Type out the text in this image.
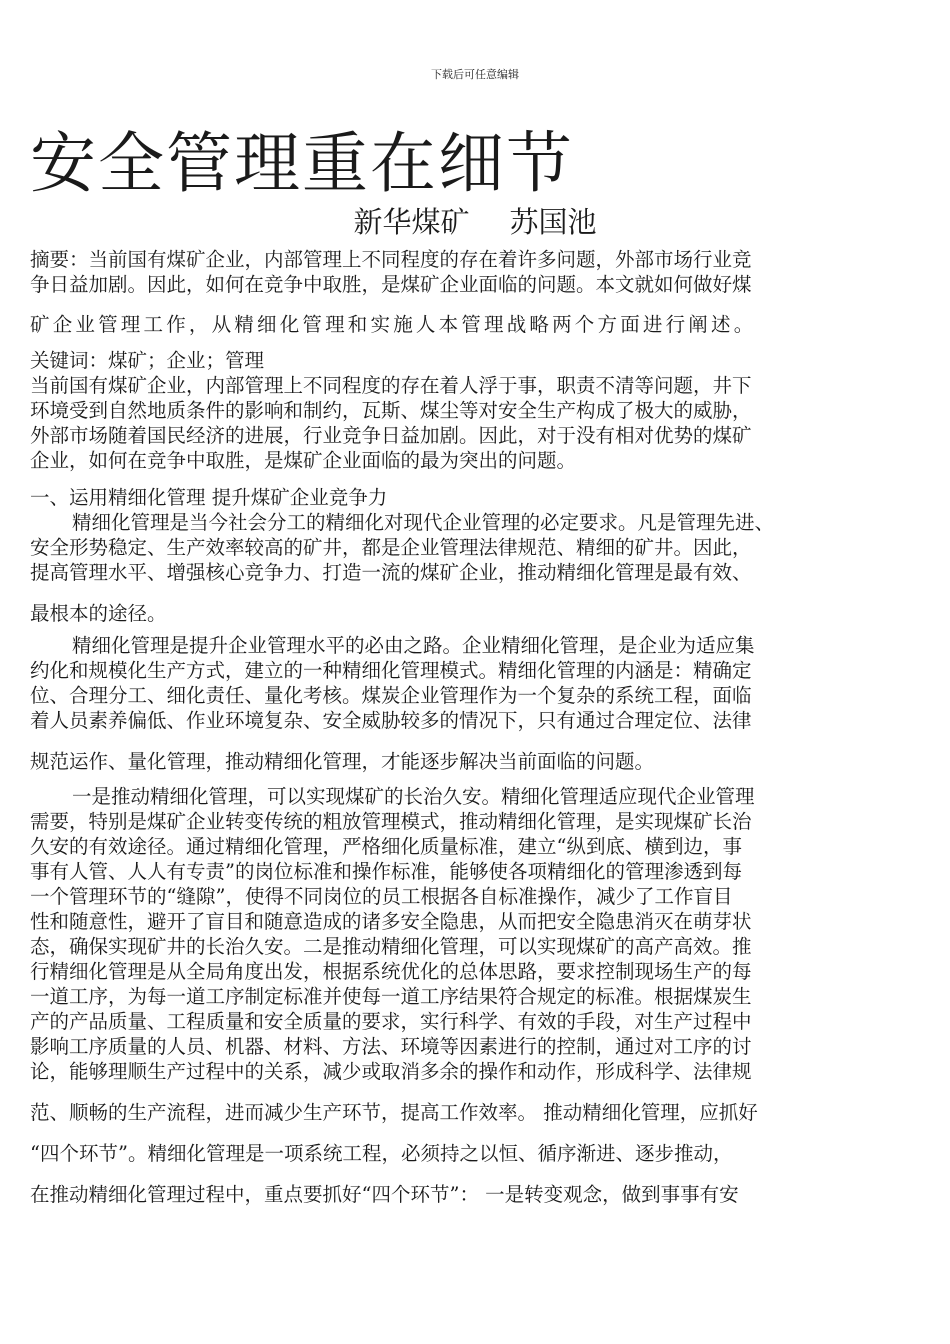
下载后可任意编辑
安全管理重在细节
新华煤矿 苏国池
摘要：当前国有煤矿企业，内部管理上不同程度的存在着许多问题，外部市场行业竞
争日益加剧。因此，如何在竞争中取胜，是煤矿企业面临的问题。本文就如何做好煤
矿企业管理工作，从精细化管理和实施人本管理战略两个方面进行阐述。
关键词：煤矿；企业；管理
当前国有煤矿企业，内部管理上不同程度的存在着人浮于事，职责不清等问题，井下
环境受到自然地质条件的影响和制约，瓦斯、煤尘等对安全生产构成了极大的威胁，
外部市场随着国民经济的进展，行业竞争日益加剧。因此，对于没有相对优势的煤矿
企业，如何在竞争中取胜，是煤矿企业面临的最为突出的问题。
一、运用精细化管理 提升煤矿企业竞争力
精细化管理是当今社会分工的精细化对现代企业管理的必定要求。凡是管理先进、
安全形势稳定、生产效率较高的矿井，都是企业管理法律规范、精细的矿井。因此，
提高管理水平、增强核心竞争力、打造一流的煤矿企业，推动精细化管理是最有效、
最根本的途径。
精细化管理是提升企业管理水平的必由之路。企业精细化管理，是企业为适应集
约化和规模化生产方式，建立的一种精细化管理模式。精细化管理的内涵是：精确定
位、合理分工、细化责任、量化考核。煤炭企业管理作为一个复杂的系统工程，面临
着人员素养偏低、作业环境复杂、安全威胁较多的情况下，只有通过合理定位、法律
规范运作、量化管理，推动精细化管理，才能逐步解决当前面临的问题。
一是推动精细化管理，可以实现煤矿的长治久安。精细化管理适应现代企业管理
需要，特别是煤矿企业转变传统的粗放管理模式，推动精细化管理，是实现煤矿长治
久安的有效途径。通过精细化管理，严格细化质量标准，建立“纵到底、横到边，事
事有人管、人人有专责”的岗位标准和操作标准，能够使各项精细化的管理渗透到每
一个管理环节的“缝隙”，使得不同岗位的员工根据各自标准操作，减少了工作盲目
性和随意性，避开了盲目和随意造成的诸多安全隐患，从而把安全隐患消灭在萌芽状
态，确保实现矿井的长治久安。二是推动精细化管理，可以实现煤矿的高产高效。推
行精细化管理是从全局角度出发，根据系统优化的总体思路，要求控制现场生产的每
一道工序，为每一道工序制定标准并使每一道工序结果符合规定的标准。根据煤炭生
产的产品质量、工程质量和安全质量的要求，实行科学、有效的手段，对生产过程中
影响工序质量的人员、机器、材料、方法、环境等因素进行的控制，通过对工序的讨
论，能够理顺生产过程中的关系，减少或取消多余的操作和动作，形成科学、法律规
范、顺畅的生产流程，进而减少生产环节，提高工作效率。 推动精细化管理，应抓好
“四个环节”。精细化管理是一项系统工程，必须持之以恒、循序渐进、逐步推动，
在推动精细化管理过程中，重点要抓好“四个环节”： 一是转变观念，做到事事有安
